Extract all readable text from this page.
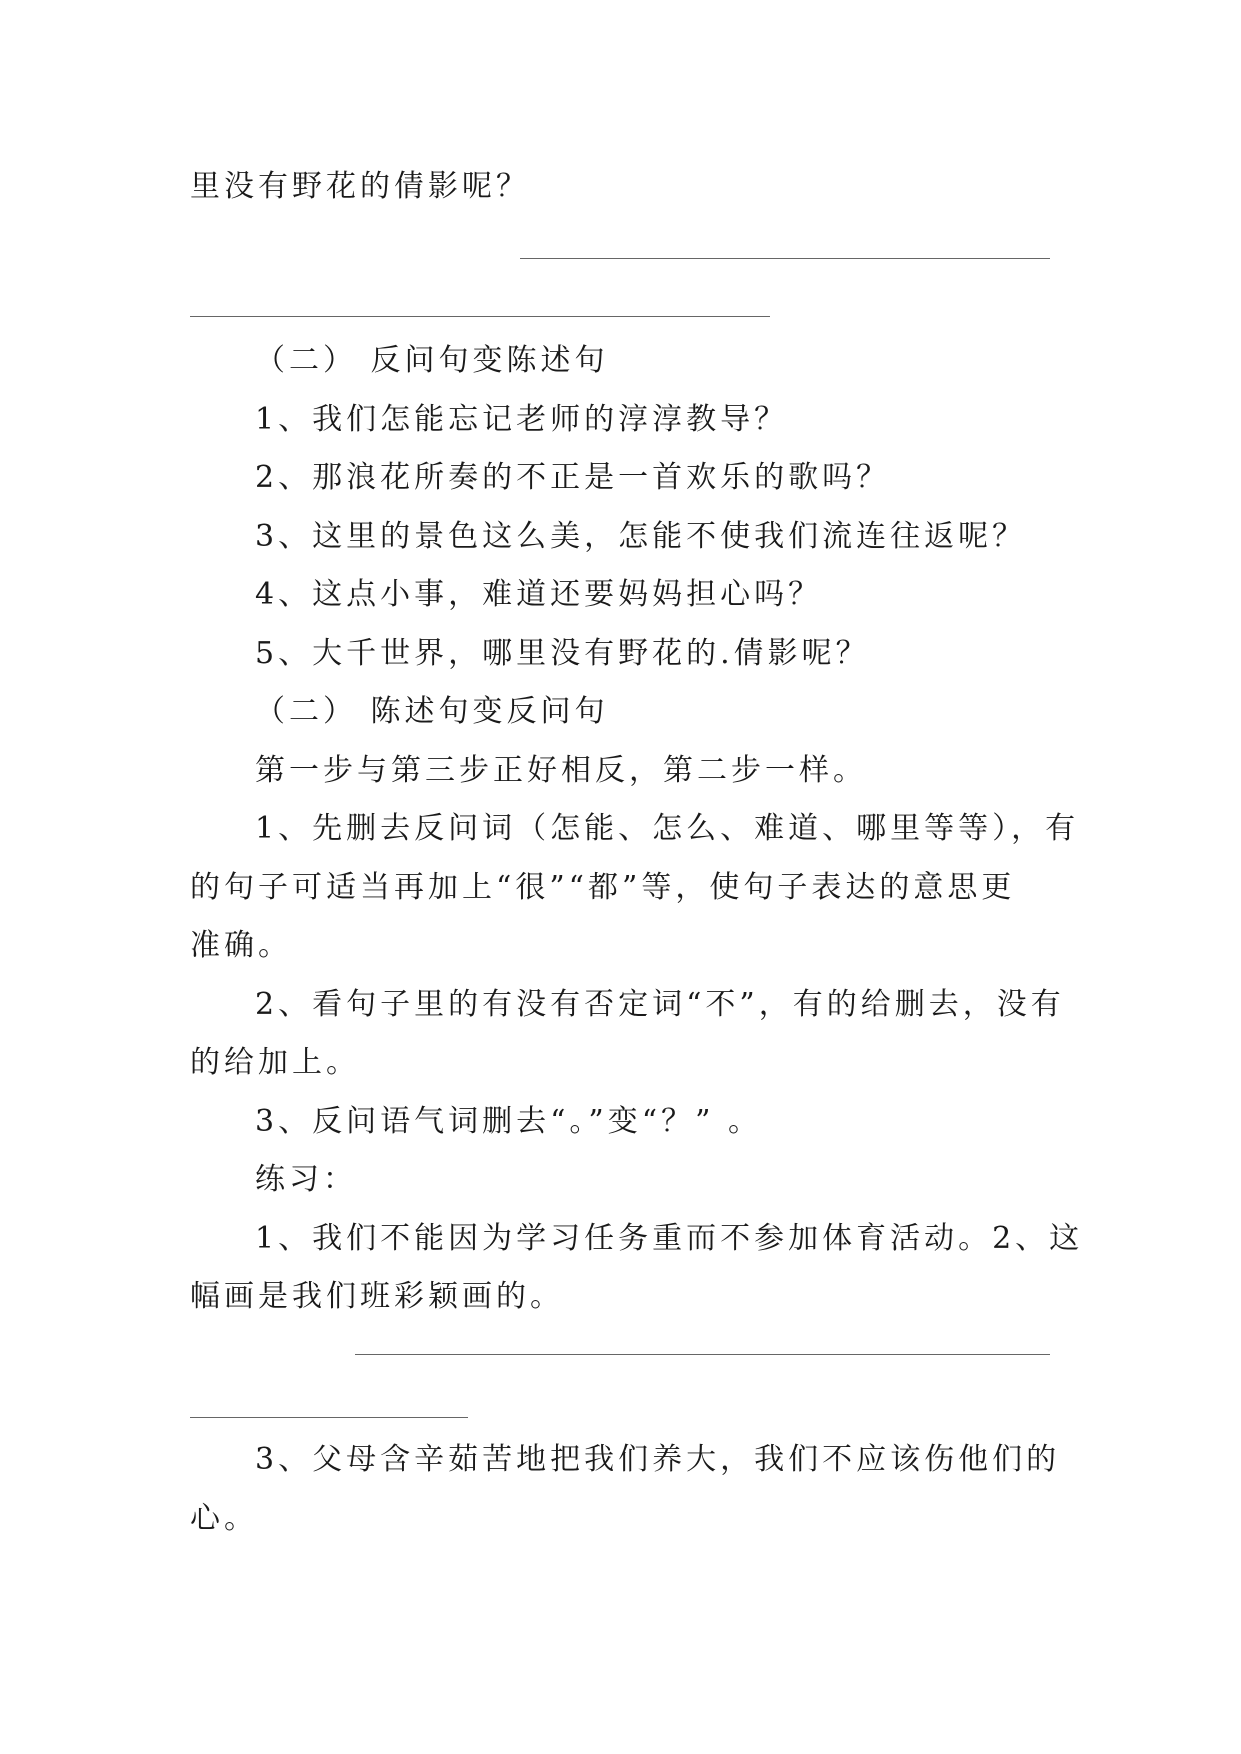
里没有野花的倩影呢？
（二） 反问句变陈述句
1、我们怎能忘记老师的淳淳教导？
2、那浪花所奏的不正是一首欢乐的歌吗？
3、这里的景色这么美，怎能不使我们流连往返呢？
4、这点小事，难道还要妈妈担心吗？
5、大千世界，哪里没有野花的.倩影呢？
（二） 陈述句变反问句
第一步与第三步正好相反，第二步一样。
1、先删去反问词（怎能、怎么、难道、哪里等等），有
的句子可适当再加上“很”“都”等，使句子表达的意思更
准确。
2、看句子里的有没有否定词“不”，有的给删去，没有
的给加上。
3、反问语气词删去“。”变“？” 。
练习：
1、我们不能因为学习任务重而不参加体育活动。2、这
幅画是我们班彩颖画的。
3、父母含辛茹苦地把我们养大，我们不应该伤他们的
心。
